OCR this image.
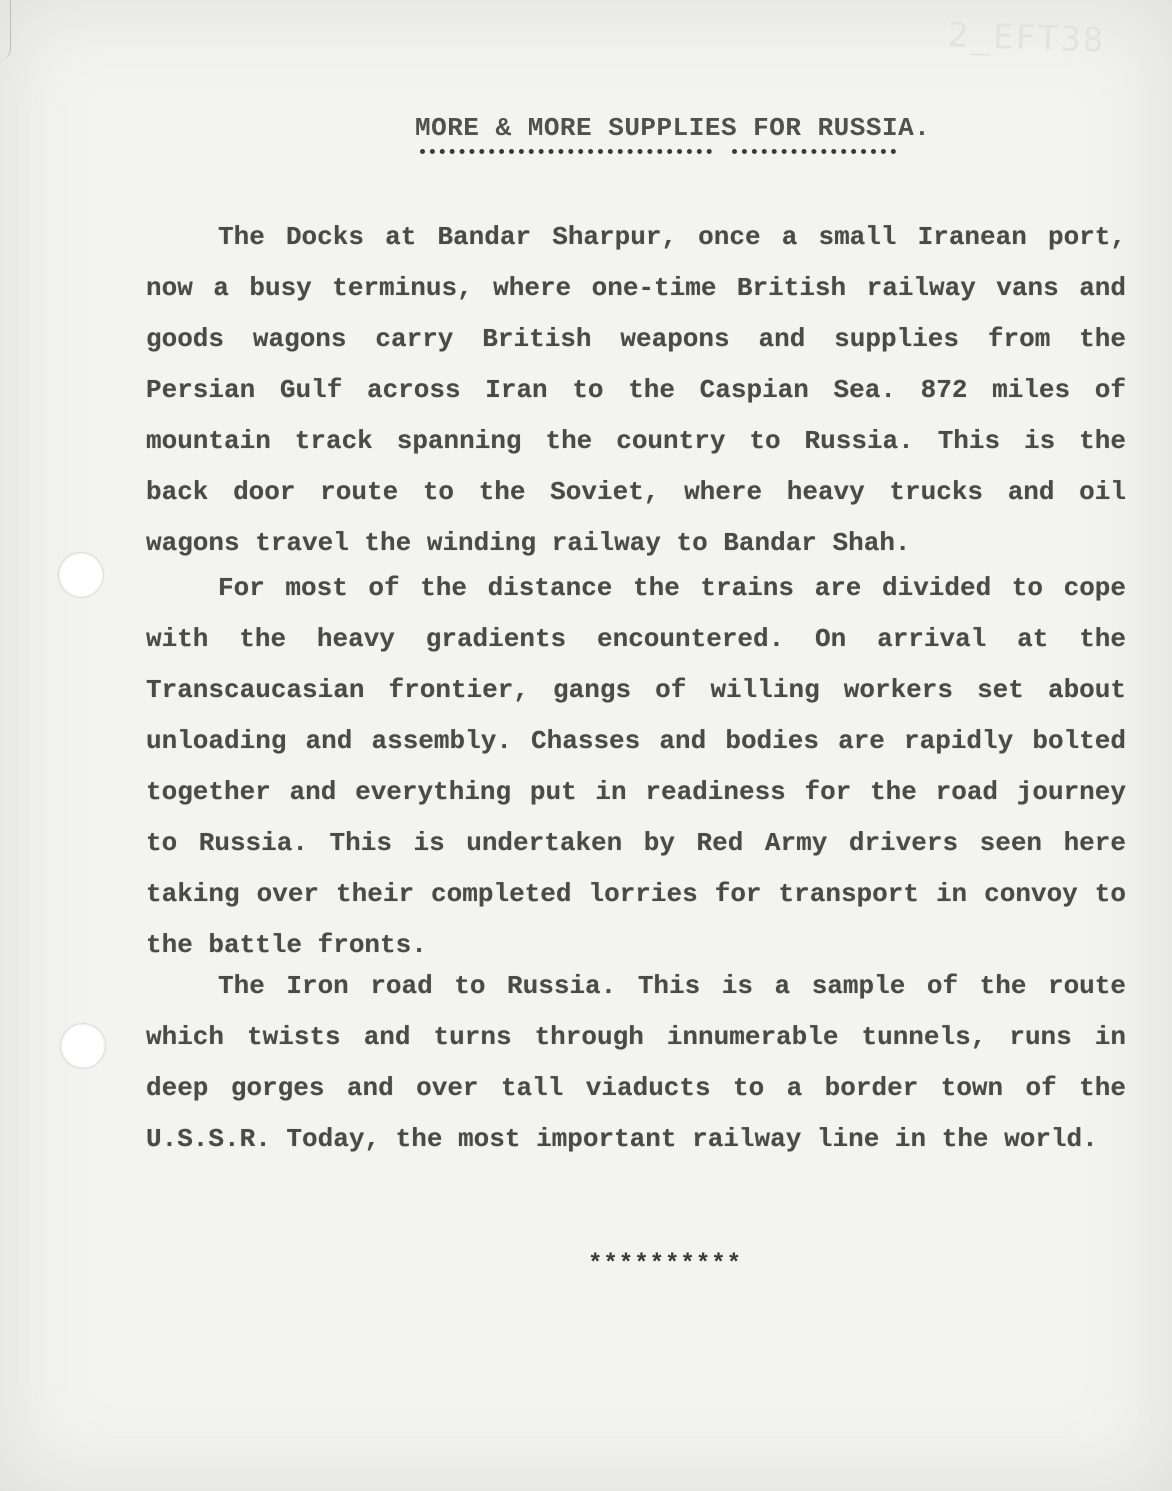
2_EFT38
MORE & MORE SUPPLIES FOR RUSSIA.

The Docks at Bandar Sharpur, once a small Iranean port, now a busy terminus, where one-time British railway vans and goods wagons carry British weapons and supplies from the Persian Gulf across Iran to the Caspian Sea. 872 miles of mountain track spanning the country to Russia. This is the back door route to the Soviet, where heavy trucks and oil wagons travel the winding railway to Bandar Shah.

For most of the distance the trains are divided to cope with the heavy gradients encountered. On arrival at the Transcaucasian frontier, gangs of willing workers set about unloading and assembly. Chasses and bodies are rapidly bolted together and everything put in readiness for the road journey to Russia. This is undertaken by Red Army drivers seen here taking over their completed lorries for transport in convoy to the battle fronts.

The Iron road to Russia. This is a sample of the route which twists and turns through innumerable tunnels, runs in deep gorges and over tall viaducts to a border town of the U.S.S.R. Today, the most important railway line in the world.

**********
